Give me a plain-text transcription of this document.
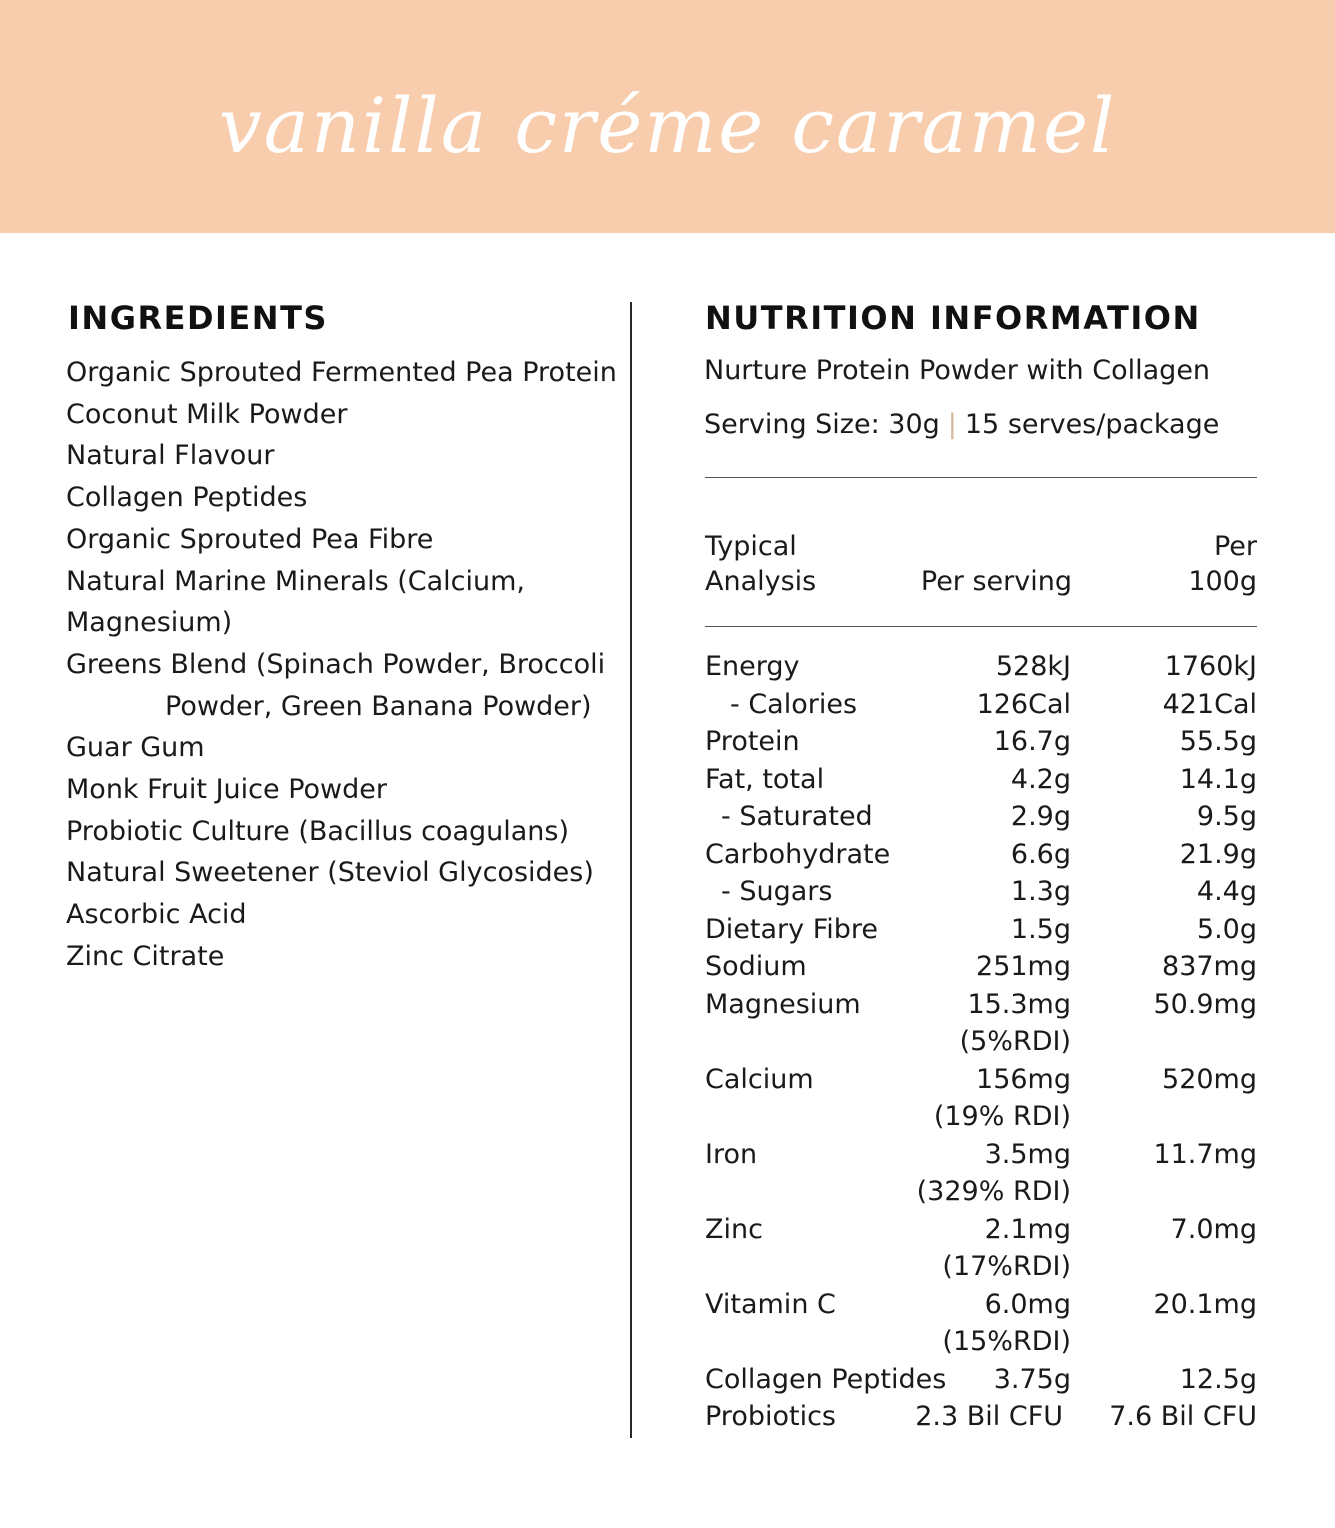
vanilla créme caramel
INGREDIENTS
Organic Sprouted Fermented Pea Protein
Coconut Milk Powder
Natural Flavour
Collagen Peptides
Organic Sprouted Pea Fibre
Natural Marine Minerals (Calcium,
Magnesium)
Greens Blend (Spinach Powder, Broccoli
Powder, Green Banana Powder)
Guar Gum
Monk Fruit Juice Powder
Probiotic Culture (Bacillus coagulans)
Natural Sweetener (Steviol Glycosides)
Ascorbic Acid
Zinc Citrate
NUTRITION INFORMATION
Nurture Protein Powder with Collagen
Serving Size: 30g | 15 serves/package
Typical
Analysis	Per serving
Per
100g
Energy	528kJ	1760kJ
- Calories	126Cal	421Cal
Protein	16.7g	55.5g
Fat, total	4.2g	14.1g
- Saturated	2.9g	9.5g
Carbohydrate	6.6g	21.9g
- Sugars	1.3g	4.4g
Dietary Fibre	1.5g	5.0g
Sodium	251mg	837mg
Magnesium	15.3mg	50.9mg
(5%RDI)
Calcium	156mg	520mg
(19% RDI)
Iron	3.5mg	11.7mg
(329% RDI)
Zinc	2.1mg	7.0mg
(17%RDI)
Vitamin C	6.0mg	20.1mg
(15%RDI)
Collagen Peptides 3.75g	12.5g
Probiotics	2.3 Bil CFU 7.6 Bil CFU
